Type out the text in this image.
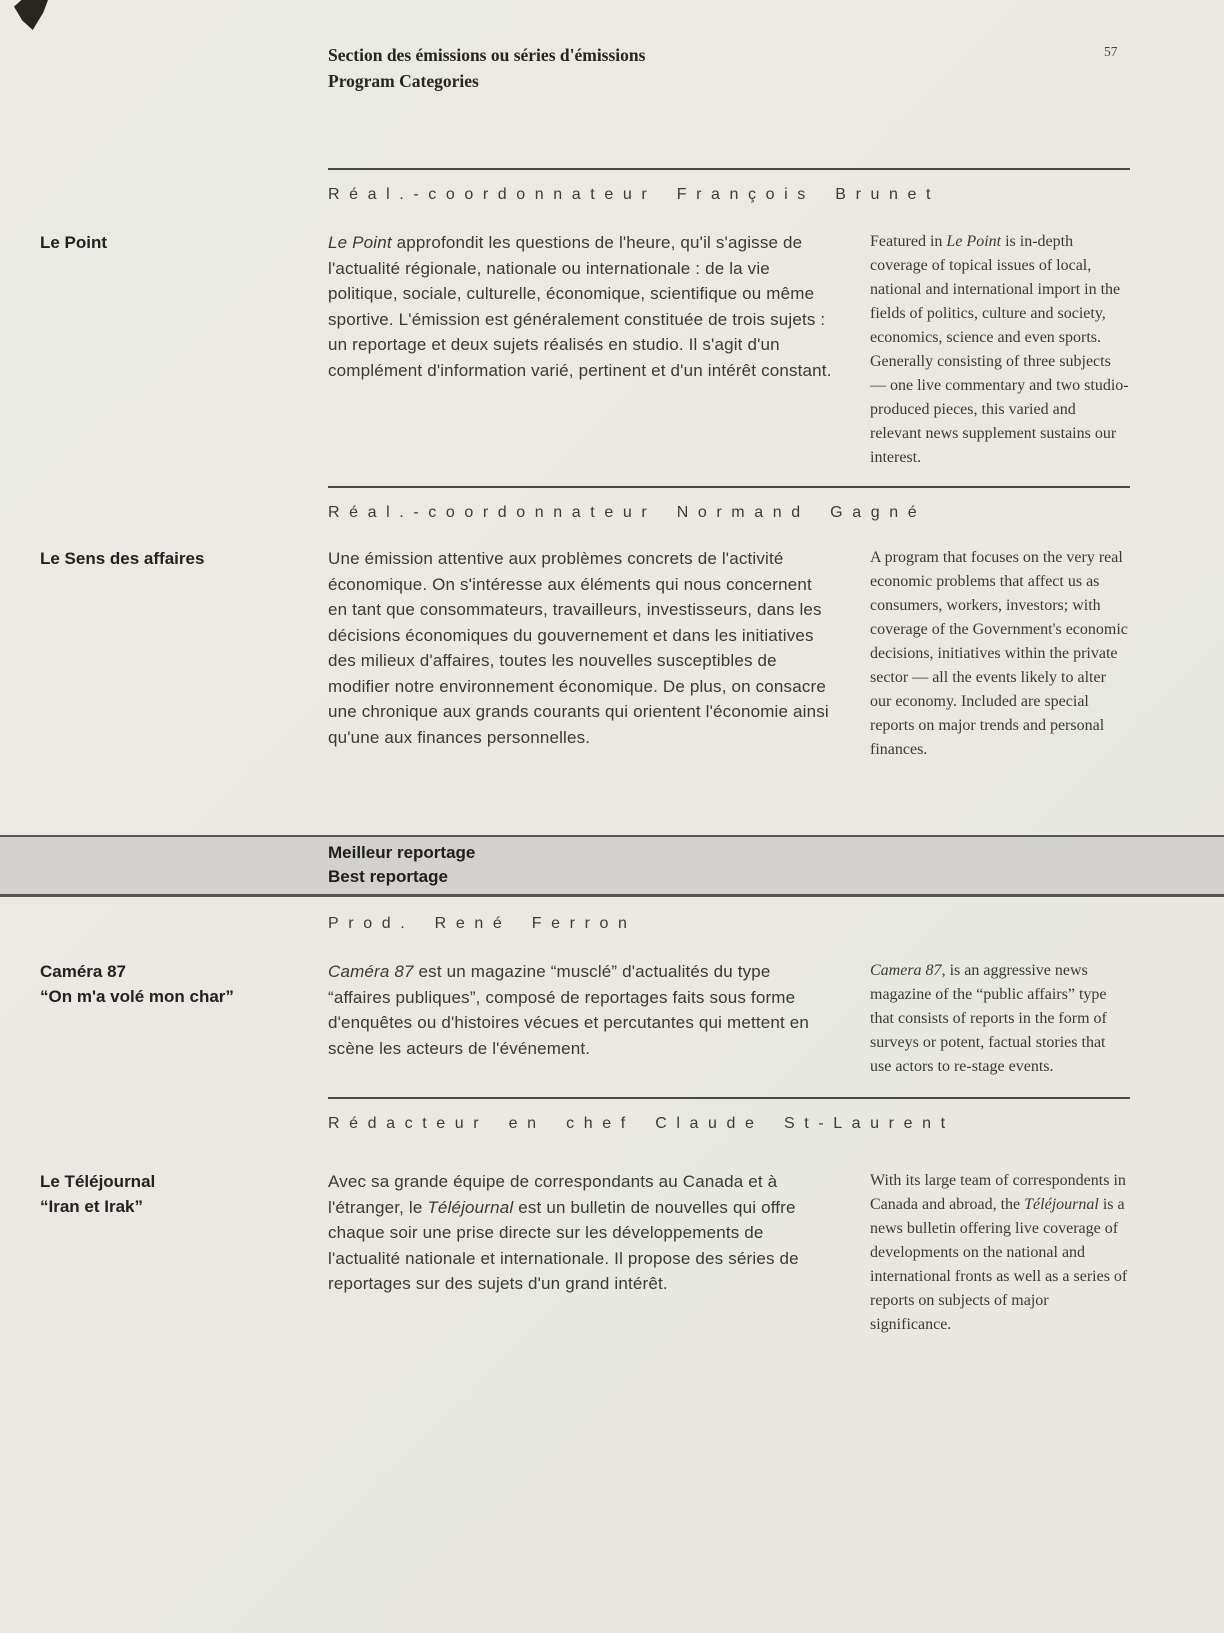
Section des émissions ou séries d'émissions
Program Categories
57
Réal.-coordonnateur François Brunet
Le Point	Le Point approfondit les questions de l'heure, qu'il s'agisse de l'actualité régionale, nationale ou internationale : de la vie politique, sociale, culturelle, économique, scientifique ou même sportive. L'émission est généralement constituée de trois sujets : un reportage et deux sujets réalisés en studio. Il s'agit d'un complément d'information varié, pertinent et d'un intérêt constant.

Featured in Le Point is in-depth coverage of topical issues of local, national and international import in the fields of politics, culture and society, economics, science and even sports. Generally consisting of three subjects — one live commentary and two studio-produced pieces, this varied and relevant news supplement sustains our interest.

Réal.-coordonnateur Normand Gagné
Le Sens des affaires	Une émission attentive aux problèmes concrets de l'activité économique. On s'intéresse aux éléments qui nous concernent en tant que consommateurs, travailleurs, investisseurs, dans les décisions économiques du gouvernement et dans les initiatives des milieux d'affaires, toutes les nouvelles susceptibles de modifier notre environnement économique. De plus, on consacre une chronique aux grands courants qui orientent l'économie ainsi qu'une aux finances personnelles.

A program that focuses on the very real economic problems that affect us as consumers, workers, investors; with coverage of the Government's economic decisions, initiatives within the private sector — all the events likely to alter our economy. Included are special reports on major trends and personal finances.

Meilleur reportage
Best reportage
Prod. René Ferron
Caméra 87
“On m'a volé mon char”

Caméra 87 est un magazine “musclé” d'actualités du type “affaires publiques”, composé de reportages faits sous forme d'enquêtes ou d'histoires vécues et percutantes qui mettent en scène les acteurs de l'événement.

Camera 87, is an aggressive news magazine of the “public affairs” type that consists of reports in the form of surveys or potent, factual stories that use actors to re-stage events.

Rédacteur en chef Claude St-Laurent
Le Téléjournal
“Iran et Irak”

Avec sa grande équipe de correspondants au Canada et à l'étranger, le Téléjournal est un bulletin de nouvelles qui offre chaque soir une prise directe sur les développements de l'actualité nationale et internationale. Il propose des séries de reportages sur des sujets d'un grand intérêt.

With its large team of correspondents in Canada and abroad, the Téléjournal is a news bulletin offering live coverage of developments on the national and international fronts as well as a series of reports on subjects of major significance.
